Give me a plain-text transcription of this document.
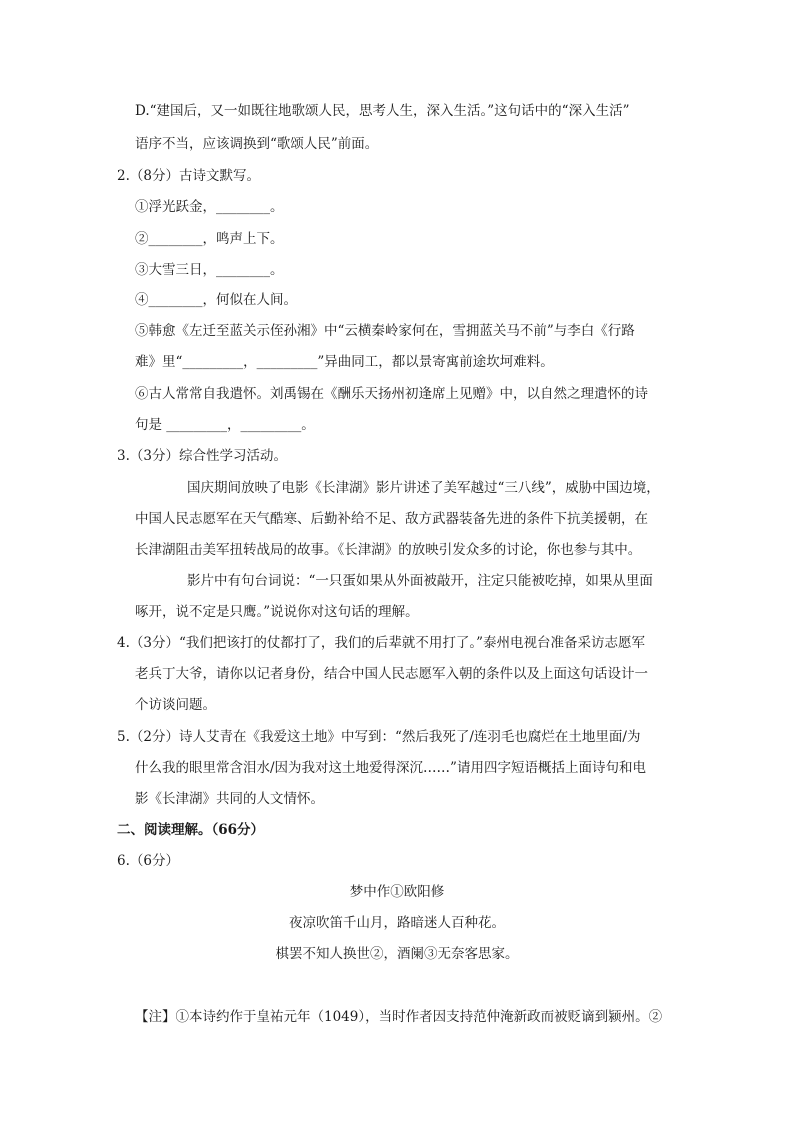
D.“建国后，又一如既往地歌颂人民，思考人生，深入生活。”这句话中的“深入生活”
语序不当，应该调换到“歌颂人民”前面。
2.（8分）古诗文默写。
①浮光跃金，________。
②________，鸣声上下。
③大雪三日，________。
④________，何似在人间。
⑤韩愈《左迁至蓝关示侄孙湘》中“云横秦岭家何在，雪拥蓝关马不前”与李白《行路
难》里“_________，_________”异曲同工，都以景寄寓前途坎坷难料。
⑥古人常常自我遣怀。刘禹锡在《酬乐天扬州初逢席上见赠》中，以自然之理遣怀的诗
句是 _________，_________。
3.（3分）综合性学习活动。
国庆期间放映了电影《长津湖》影片讲述了美军越过“三八线”，威胁中国边境，
中国人民志愿军在天气酷寒、后勤补给不足、敌方武器装备先进的条件下抗美援朝，在
长津湖阻击美军扭转战局的故事。《长津湖》的放映引发众多的讨论，你也参与其中。
影片中有句台词说：“一只蛋如果从外面被敲开，注定只能被吃掉，如果从里面
啄开，说不定是只鹰。”说说你对这句话的理解。
4.（3分）“我们把该打的仗都打了，我们的后辈就不用打了。”泰州电视台准备采访志愿军
老兵丁大爷，请你以记者身份，结合中国人民志愿军入朝的条件以及上面这句话设计一
个访谈问题。
5.（2分）诗人艾青在《我爱这土地》中写到：“然后我死了/连羽毛也腐烂在土地里面/为
什么我的眼里常含泪水/因为我对这土地爱得深沉……”请用四字短语概括上面诗句和电
影《长津湖》共同的人文情怀。
二、阅读理解。（66分）
6.（6分）
梦中作①欧阳修
夜凉吹笛千山月，路暗迷人百种花。
棋罢不知人换世②，酒阑③无奈客思家。
【注】①本诗约作于皇祐元年（1049），当时作者因支持范仲淹新政而被贬谪到颍州。②
